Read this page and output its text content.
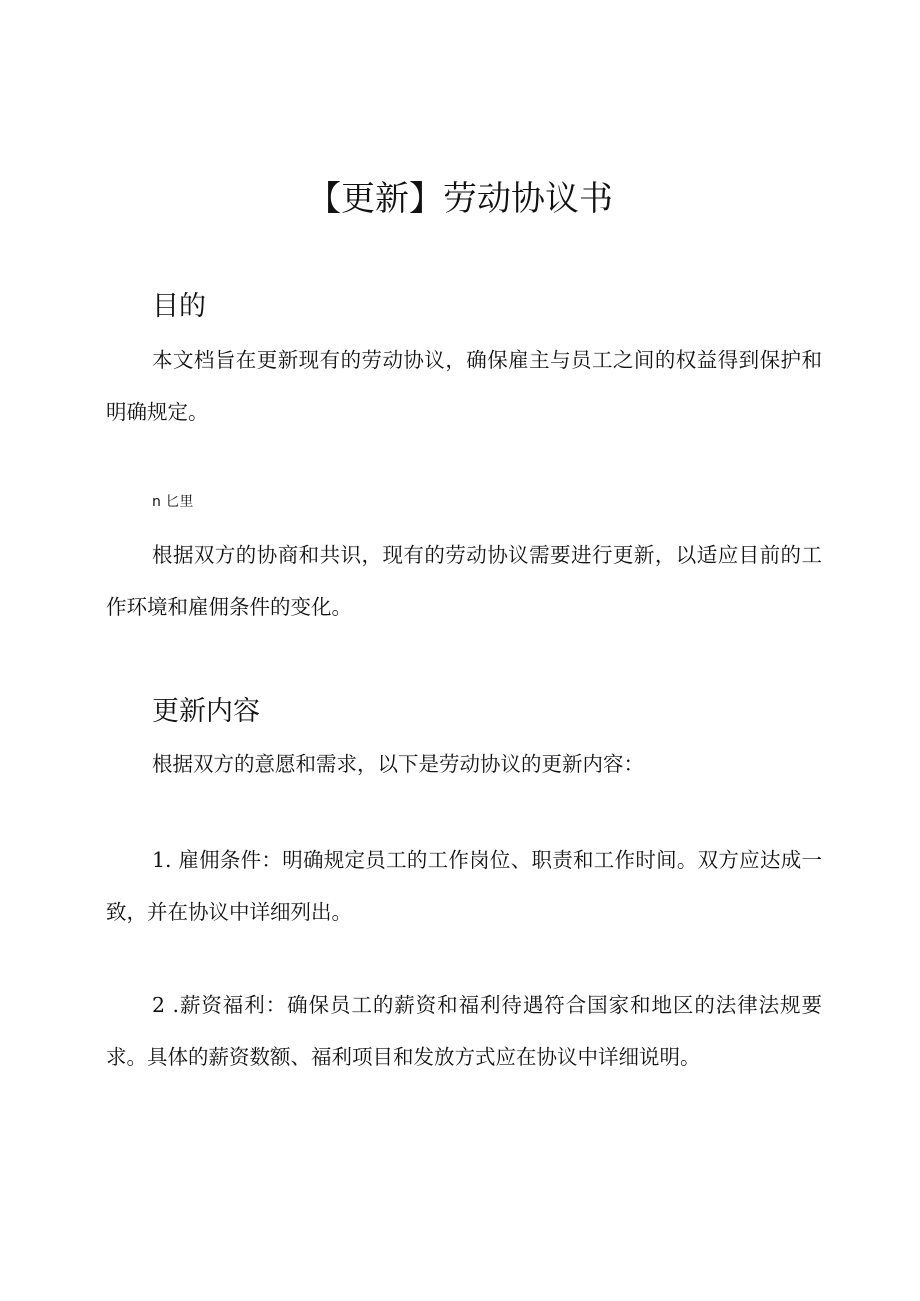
【更新】劳动协议书
目的

本文档旨在更新现有的劳动协议，确保雇主与员工之间的权益得到保护和明确规定。

n 匕里

根据双方的协商和共识，现有的劳动协议需要进行更新，以适应目前的工作环境和雇佣条件的变化。

更新内容

根据双方的意愿和需求，以下是劳动协议的更新内容：

1. 雇佣条件：明确规定员工的工作岗位、职责和工作时间。双方应达成一致，并在协议中详细列出。

2 .薪资福利：确保员工的薪资和福利待遇符合国家和地区的法律法规要求。具体的薪资数额、福利项目和发放方式应在协议中详细说明。
